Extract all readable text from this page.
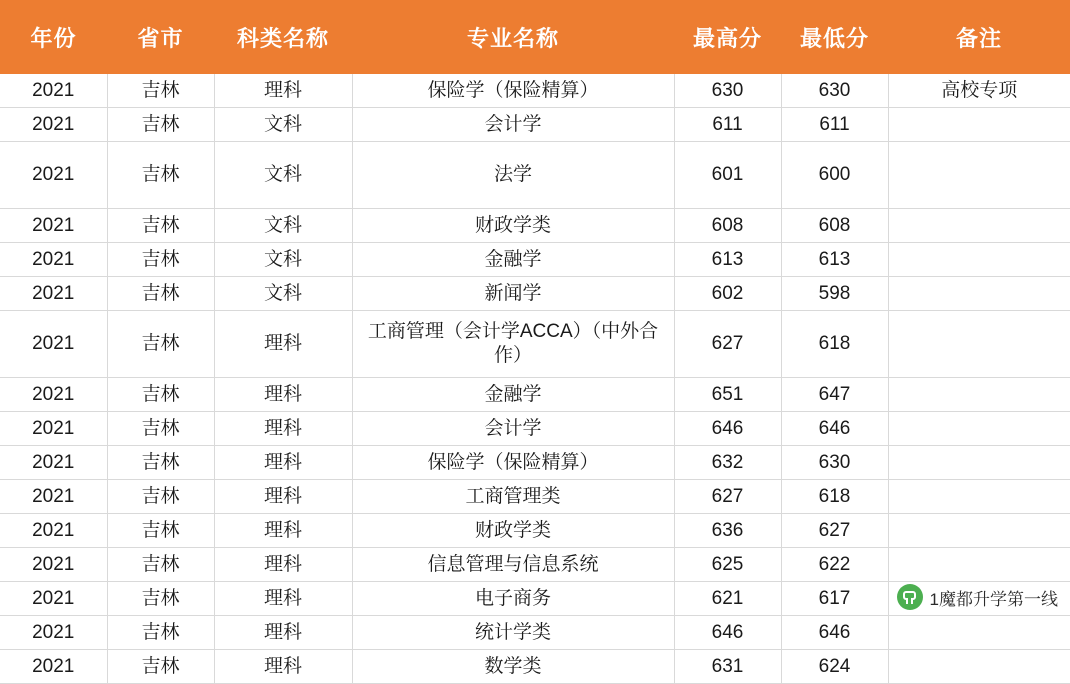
年份	省市	科类名称	专业名称	最高分	最低分	备注
2021	吉林	理科	保险学（保险精算）	630	630	高校专项
2021	吉林	文科	会计学	611	611	
2021	吉林	文科	法学	601	600	
2021	吉林	文科	财政学类	608	608	
2021	吉林	文科	金融学	613	613	
2021	吉林	文科	新闻学	602	598	
2021	吉林	理科	工商管理（会计学ACCA）（中外合作）	627	618	
2021	吉林	理科	金融学	651	647	
2021	吉林	理科	会计学	646	646	
2021	吉林	理科	保险学（保险精算）	632	630	
2021	吉林	理科	工商管理类	627	618	
2021	吉林	理科	财政学类	636	627	
2021	吉林	理科	信息管理与信息系统	625	622	
2021	吉林	理科	电子商务	621	617	
2021	吉林	理科	统计学类	646	646	
2021	吉林	理科	数学类	631	624	
1魔都升学第一线
